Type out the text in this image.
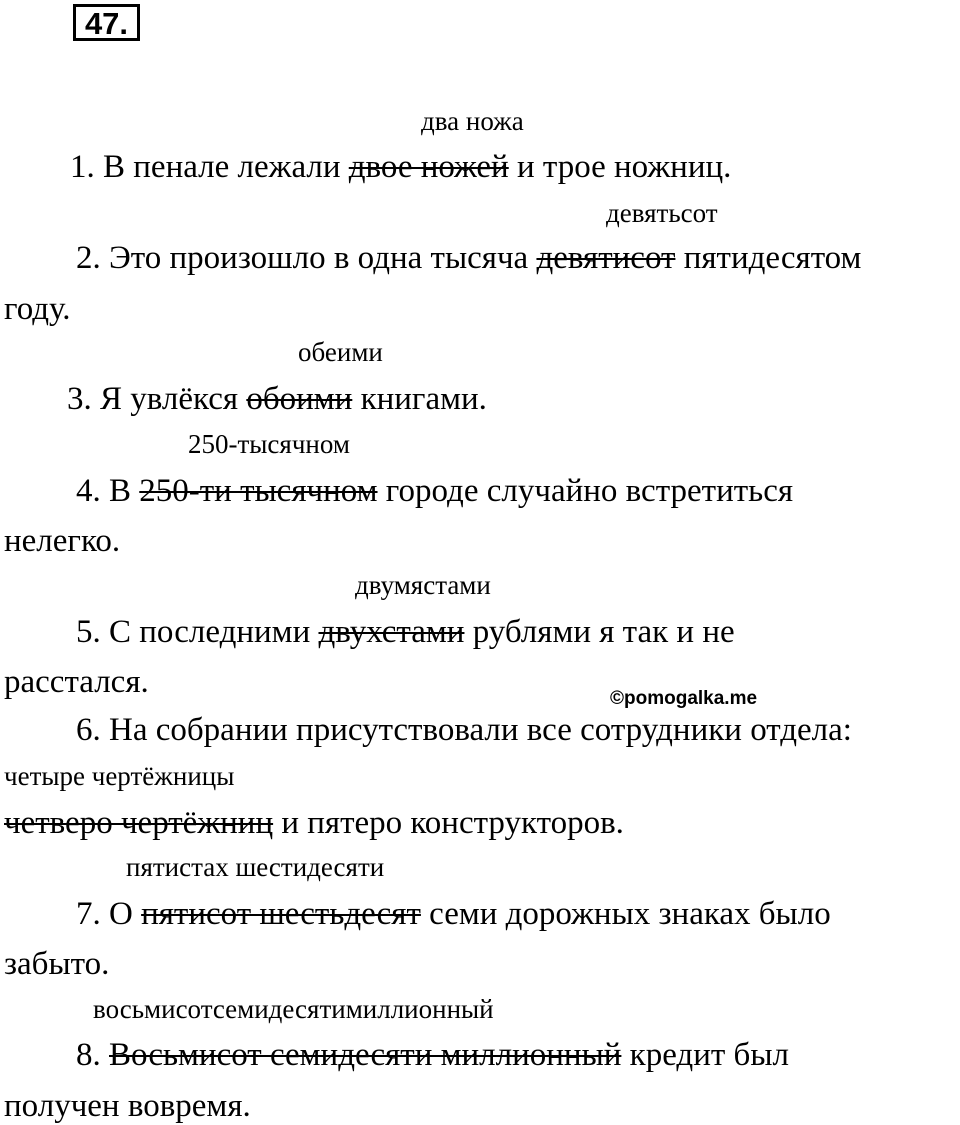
47.
два ножа
1. В пенале лежали двое ножей и трое ножниц.
девятьсот
2. Это произошло в одна тысяча девятисот пятидесятом
году.
обеими
3. Я увлёкся обоими книгами.
250-тысячном
4. В 250-ти тысячном городе случайно встретиться
нелегко.
двумястами
5. С последними двухстами рублями я так и не
расстался.	©pomogalka.me
6. На собрании присутствовали все сотрудники отдела:
четыре чертёжницы
четверо чертёжниц и пятеро конструкторов.
пятистах шестидесяти
7. О пятисот шестьдесят семи дорожных знаках было
забыто.
восьмисотсемидесятимиллионный
8. Восьмисот семидесяти миллионный кредит был
получен вовремя.
